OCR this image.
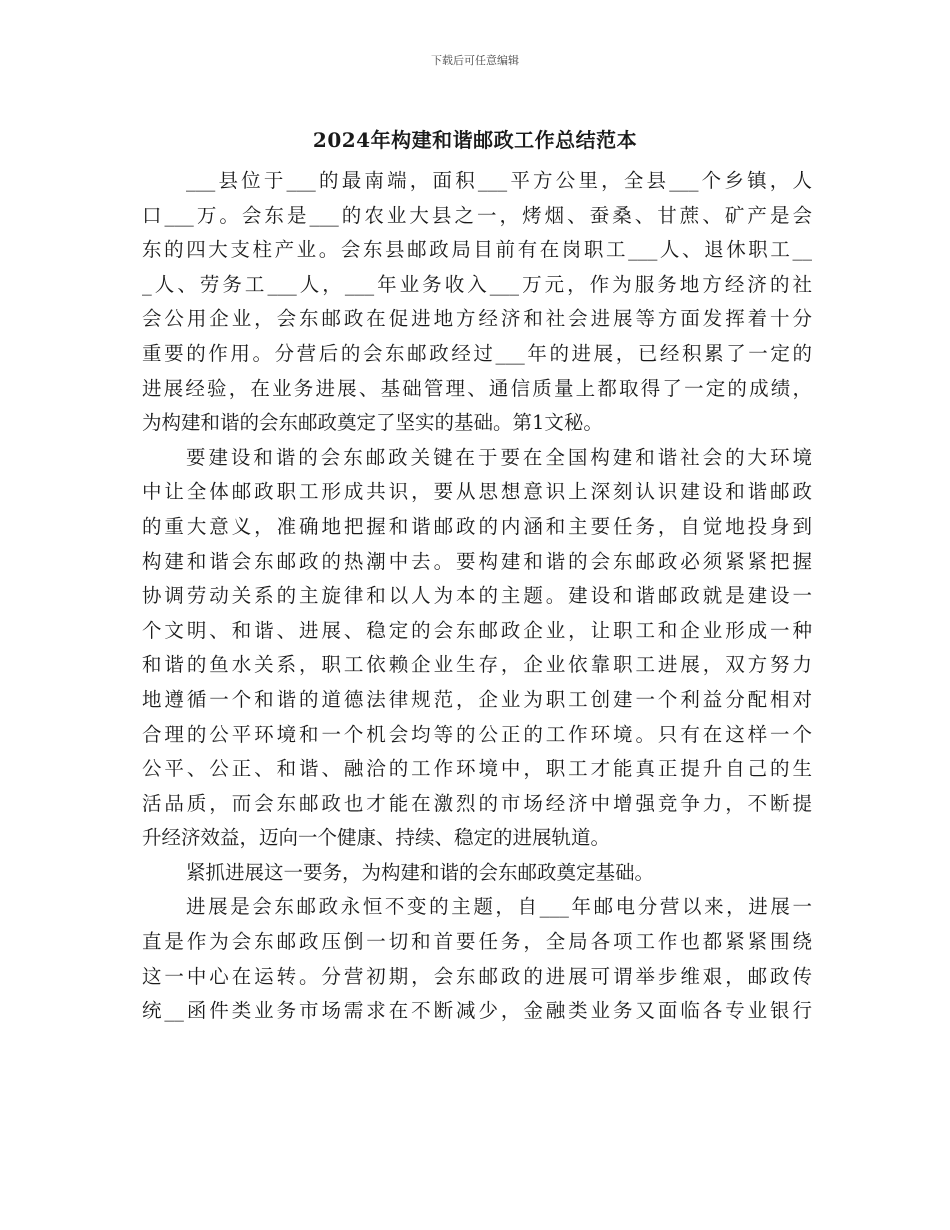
下载后可任意编辑
2024年构建和谐邮政工作总结范本
___县位于___的最南端，面积___平方公里，全县___个乡镇，人
口___万。会东是___的农业大县之一，烤烟、蚕桑、甘蔗、矿产是会
东的四大支柱产业。会东县邮政局目前有在岗职工___人、退休职工__
_人、劳务工___人，___年业务收入___万元，作为服务地方经济的社
会公用企业，会东邮政在促进地方经济和社会进展等方面发挥着十分
重要的作用。分营后的会东邮政经过___年的进展，已经积累了一定的
进展经验，在业务进展、基础管理、通信质量上都取得了一定的成绩，
为构建和谐的会东邮政奠定了坚实的基础。第1文秘。
要建设和谐的会东邮政关键在于要在全国构建和谐社会的大环境
中让全体邮政职工形成共识，要从思想意识上深刻认识建设和谐邮政
的重大意义，准确地把握和谐邮政的内涵和主要任务，自觉地投身到
构建和谐会东邮政的热潮中去。要构建和谐的会东邮政必须紧紧把握
协调劳动关系的主旋律和以人为本的主题。建设和谐邮政就是建设一
个文明、和谐、进展、稳定的会东邮政企业，让职工和企业形成一种
和谐的鱼水关系，职工依赖企业生存，企业依靠职工进展，双方努力
地遵循一个和谐的道德法律规范，企业为职工创建一个利益分配相对
合理的公平环境和一个机会均等的公正的工作环境。只有在这样一个
公平、公正、和谐、融洽的工作环境中，职工才能真正提升自己的生
活品质，而会东邮政也才能在激烈的市场经济中增强竞争力，不断提
升经济效益，迈向一个健康、持续、稳定的进展轨道。
紧抓进展这一要务，为构建和谐的会东邮政奠定基础。
进展是会东邮政永恒不变的主题，自___年邮电分营以来，进展一
直是作为会东邮政压倒一切和首要任务，全局各项工作也都紧紧围绕
这一中心在运转。分营初期，会东邮政的进展可谓举步维艰，邮政传
统__函件类业务市场需求在不断减少，金融类业务又面临各专业银行
